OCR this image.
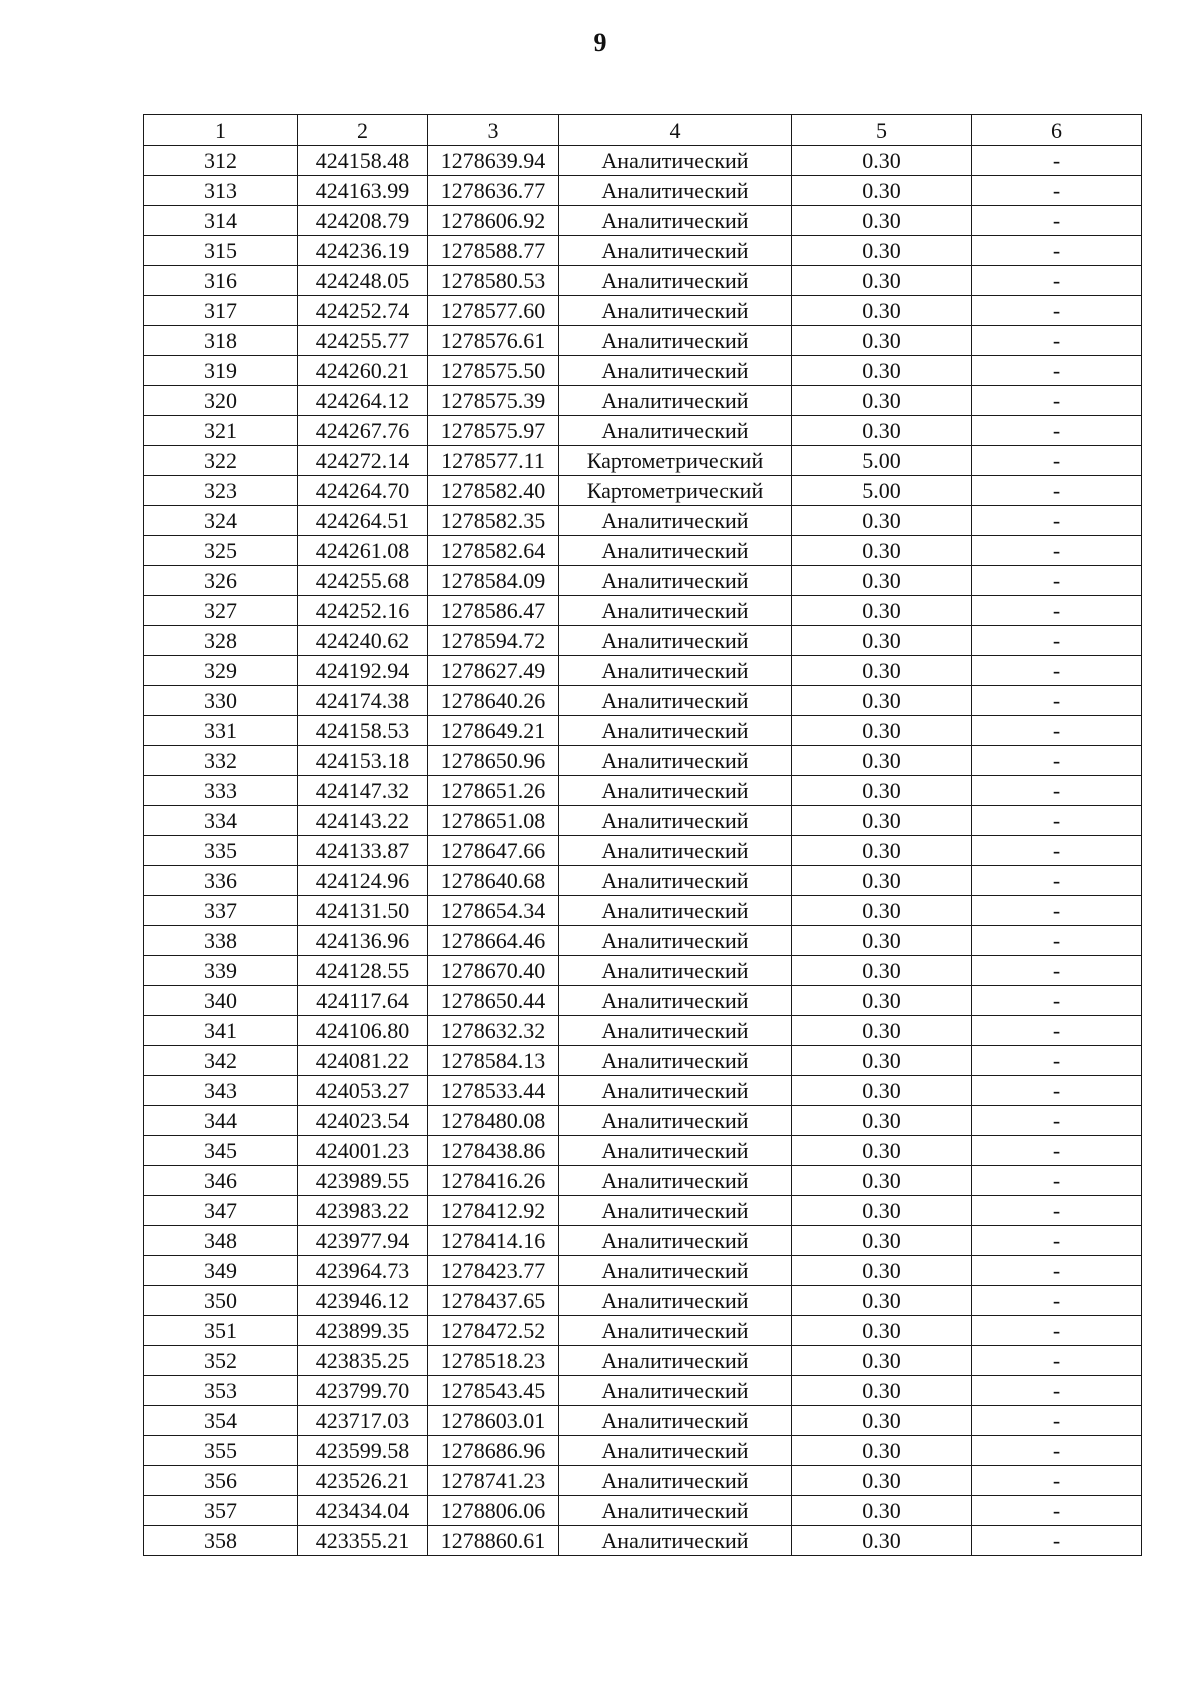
9
1	2	3	4	5	6
312	424158.48	1278639.94	Аналитический	0.30	-
313	424163.99	1278636.77	Аналитический	0.30	-
314	424208.79	1278606.92	Аналитический	0.30	-
315	424236.19	1278588.77	Аналитический	0.30	-
316	424248.05	1278580.53	Аналитический	0.30	-
317	424252.74	1278577.60	Аналитический	0.30	-
318	424255.77	1278576.61	Аналитический	0.30	-
319	424260.21	1278575.50	Аналитический	0.30	-
320	424264.12	1278575.39	Аналитический	0.30	-
321	424267.76	1278575.97	Аналитический	0.30	-
322	424272.14	1278577.11	Картометрический	5.00	-
323	424264.70	1278582.40	Картометрический	5.00	-
324	424264.51	1278582.35	Аналитический	0.30	-
325	424261.08	1278582.64	Аналитический	0.30	-
326	424255.68	1278584.09	Аналитический	0.30	-
327	424252.16	1278586.47	Аналитический	0.30	-
328	424240.62	1278594.72	Аналитический	0.30	-
329	424192.94	1278627.49	Аналитический	0.30	-
330	424174.38	1278640.26	Аналитический	0.30	-
331	424158.53	1278649.21	Аналитический	0.30	-
332	424153.18	1278650.96	Аналитический	0.30	-
333	424147.32	1278651.26	Аналитический	0.30	-
334	424143.22	1278651.08	Аналитический	0.30	-
335	424133.87	1278647.66	Аналитический	0.30	-
336	424124.96	1278640.68	Аналитический	0.30	-
337	424131.50	1278654.34	Аналитический	0.30	-
338	424136.96	1278664.46	Аналитический	0.30	-
339	424128.55	1278670.40	Аналитический	0.30	-
340	424117.64	1278650.44	Аналитический	0.30	-
341	424106.80	1278632.32	Аналитический	0.30	-
342	424081.22	1278584.13	Аналитический	0.30	-
343	424053.27	1278533.44	Аналитический	0.30	-
344	424023.54	1278480.08	Аналитический	0.30	-
345	424001.23	1278438.86	Аналитический	0.30	-
346	423989.55	1278416.26	Аналитический	0.30	-
347	423983.22	1278412.92	Аналитический	0.30	-
348	423977.94	1278414.16	Аналитический	0.30	-
349	423964.73	1278423.77	Аналитический	0.30	-
350	423946.12	1278437.65	Аналитический	0.30	-
351	423899.35	1278472.52	Аналитический	0.30	-
352	423835.25	1278518.23	Аналитический	0.30	-
353	423799.70	1278543.45	Аналитический	0.30	-
354	423717.03	1278603.01	Аналитический	0.30	-
355	423599.58	1278686.96	Аналитический	0.30	-
356	423526.21	1278741.23	Аналитический	0.30	-
357	423434.04	1278806.06	Аналитический	0.30	-
358	423355.21	1278860.61	Аналитический	0.30	-
